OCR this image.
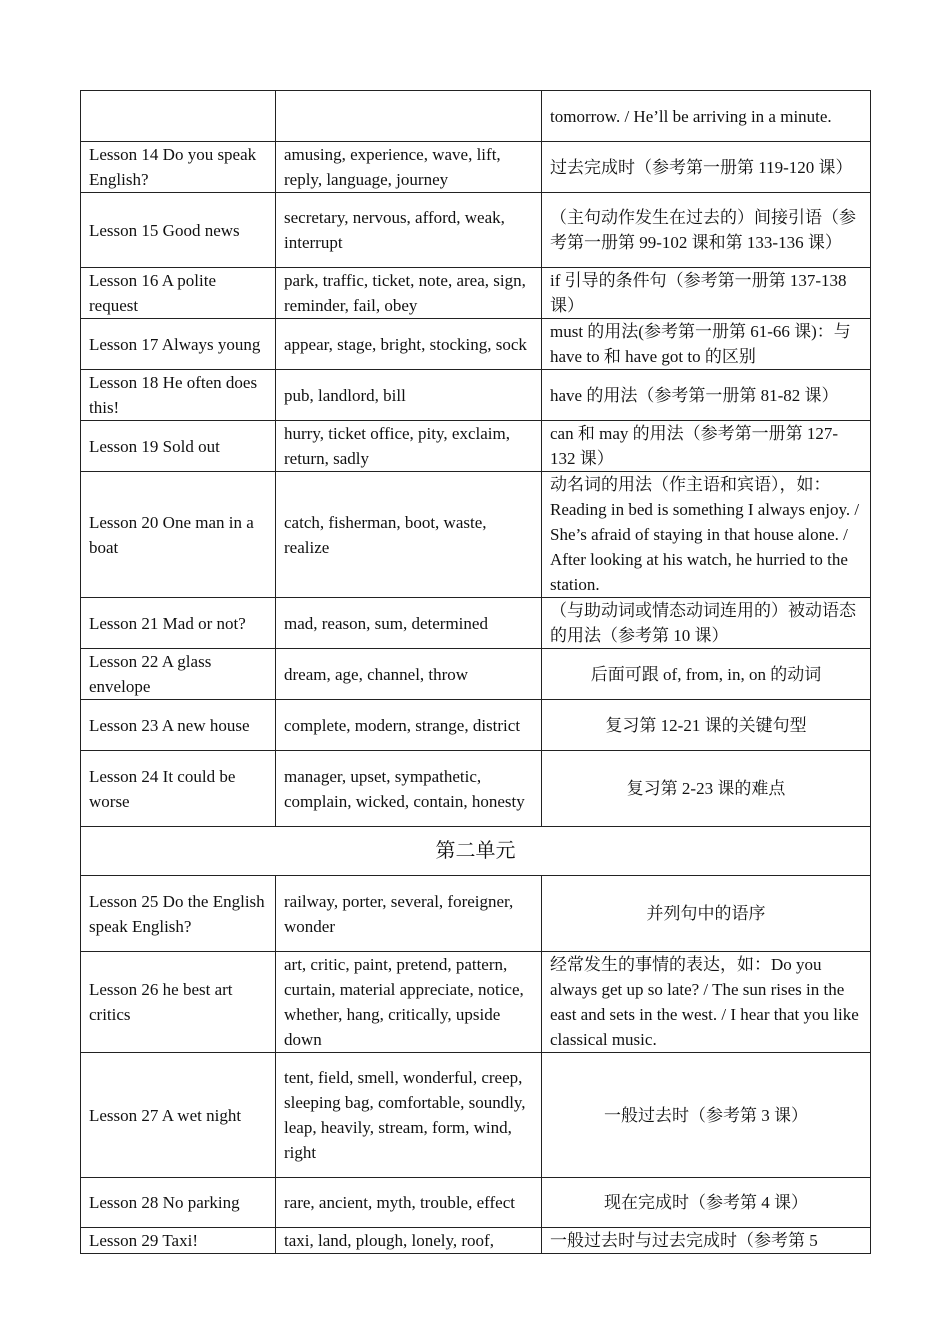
		tomorrow. / He’ll be arriving in a minute.
Lesson 14 Do you speak English?	amusing, experience, wave, lift, reply, language, journey	过去完成时（参考第一册第 119-120 课）
Lesson 15 Good news	secretary, nervous, afford, weak, interrupt	（主句动作发生在过去的）间接引语（参考第一册第 99-102 课和第 133-136 课）
Lesson 16 A polite request	park, traffic, ticket, note, area, sign, reminder, fail, obey	if 引导的条件句（参考第一册第 137-138 课）
Lesson 17 Always young	appear, stage, bright, stocking, sock	must 的用法(参考第一册第 61-66 课)：与 have to 和 have got to 的区别
Lesson 18 He often does this!	pub, landlord, bill	have 的用法（参考第一册第 81-82 课）
Lesson 19 Sold out	hurry, ticket office, pity, exclaim, return, sadly	can 和 may 的用法（参考第一册第 127-132 课）
Lesson 20 One man in a boat	catch, fisherman, boot, waste, realize	动名词的用法（作主语和宾语），如：Reading in bed is something I always enjoy. / She’s afraid of staying in that house alone. / After looking at his watch, he hurried to the station.
Lesson 21 Mad or not?	mad, reason, sum, determined	（与助动词或情态动词连用的）被动语态的用法（参考第 10 课）
Lesson 22 A glass envelope	dream, age, channel, throw	后面可跟 of, from, in, on 的动词
Lesson 23 A new house	complete, modern, strange, district	复习第 12-21 课的关键句型
Lesson 24 It could be worse	manager, upset, sympathetic, complain, wicked, contain, honesty	复习第 2-23 课的难点
第二单元		
Lesson 25 Do the English speak English?	railway, porter, several, foreigner, wonder	并列句中的语序
Lesson 26 he best art critics	art, critic, paint, pretend, pattern, curtain, material appreciate, notice, whether, hang, critically, upside down	经常发生的事情的表达，如：Do you always get up so late? / The sun rises in the east and sets in the west. / I hear that you like classical music.
Lesson 27 A wet night	tent, field, smell, wonderful, creep, sleeping bag, comfortable, soundly, leap, heavily, stream, form, wind, right	一般过去时（参考第 3 课）
Lesson 28 No parking	rare, ancient, myth, trouble, effect	现在完成时（参考第 4 课）
Lesson 29 Taxi!	taxi, land, plough, lonely, roof,	一般过去时与过去完成时（参考第 5
